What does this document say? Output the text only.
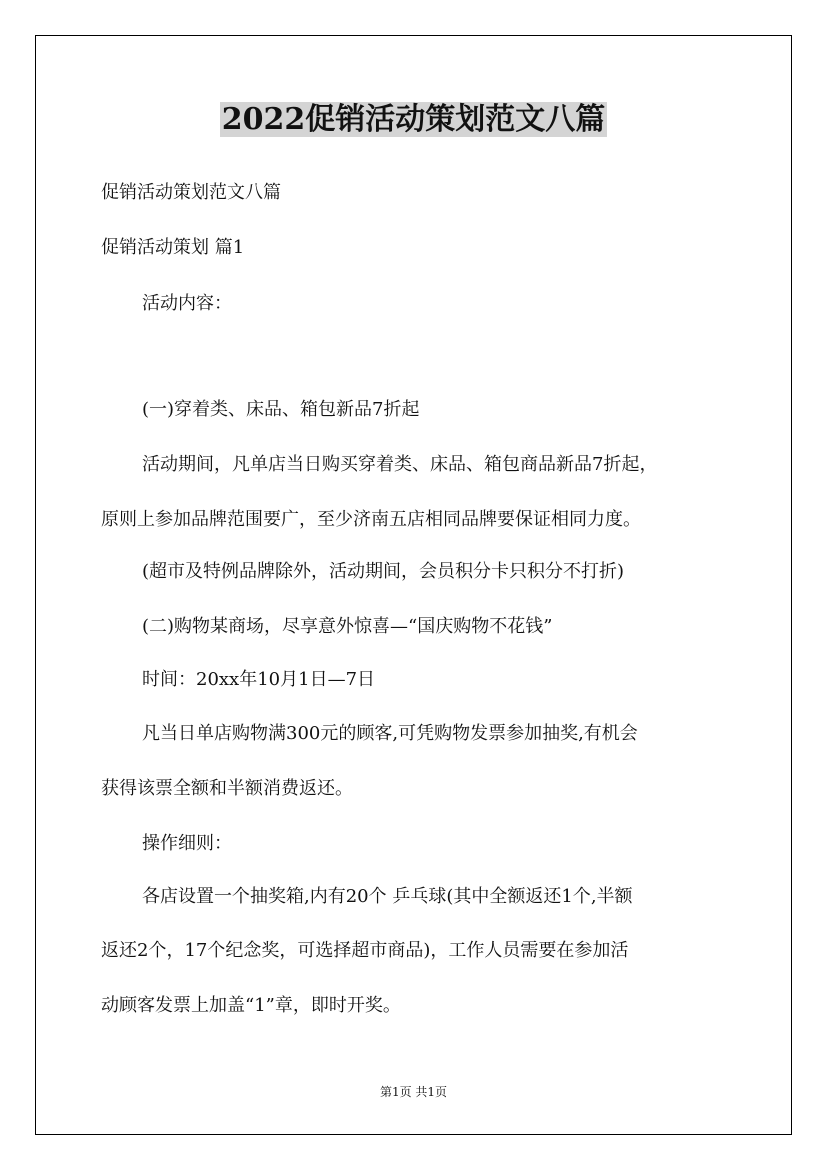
2022促销活动策划范文八篇
促销活动策划范文八篇
促销活动策划 篇1
活动内容：
(一)穿着类、床品、箱包新品7折起
活动期间，凡单店当日购买穿着类、床品、箱包商品新品7折起，
原则上参加品牌范围要广，至少济南五店相同品牌要保证相同力度。
(超市及特例品牌除外，活动期间，会员积分卡只积分不打折)
(二)购物某商场，尽享意外惊喜—“国庆购物不花钱”
时间：20xx年10月1日—7日
凡当日单店购物满300元的顾客,可凭购物发票参加抽奖,有机会
获得该票全额和半额消费返还。
操作细则：
各店设置一个抽奖箱,内有20个 乒乓球(其中全额返还1个,半额
返还2个，17个纪念奖，可选择超市商品)，工作人员需要在参加活
动顾客发票上加盖“1”章，即时开奖。
第1页 共1页
